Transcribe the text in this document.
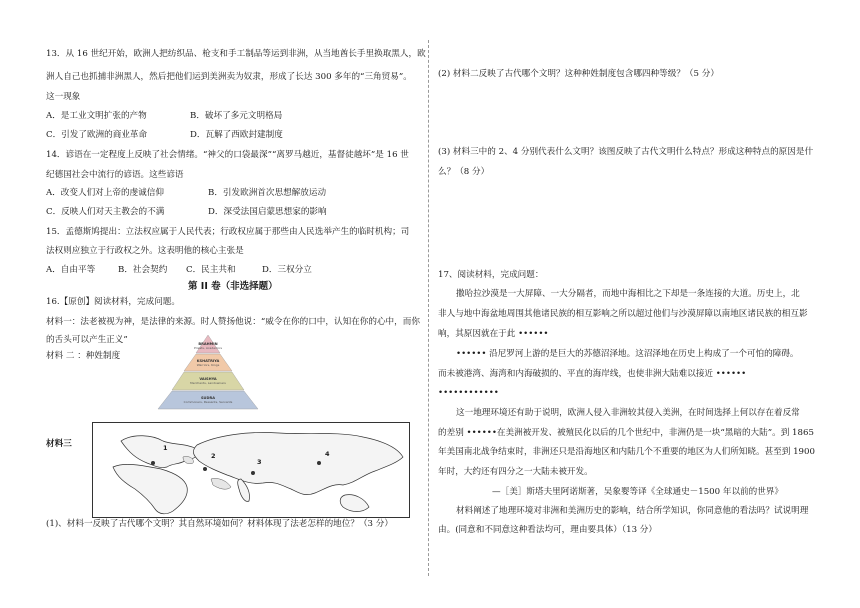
13．从 16 世纪开始，欧洲人把纺织品、枪支和手工制品等运到非洲，从当地酋长手里换取黑人，欧
洲人自己也抓捕非洲黑人，然后把他们运到美洲卖为奴隶，形成了长达 300 多年的“三角贸易”。
这一现象
A．是工业文明扩张的产物	B．破坏了多元文明格局
C．引发了欧洲的商业革命	D．瓦解了西欧封建制度
14．谚语在一定程度上反映了社会情绪。“神父的口袋最深”“离罗马越近，基督徒越坏”是 16 世
纪德国社会中流行的谚语。这些谚语
A．改变人们对上帝的虔诚信仰	B．引发欧洲首次思想解放运动
C．反映人们对天主教会的不满	D．深受法国启蒙思想家的影响
15．孟德斯鸠提出：立法权应属于人民代表；行政权应属于那些由人民选举产生的临时机构；司
法权则应独立于行政权之外。这表明他的核心主张是
A．自由平等	B．社会契约 C．民主共和	D．三权分立
第 II 卷（非选择题）
16.【原创】阅读材料，完成问题。
材料一：法老被视为神，是法律的来源。时人赞扬他说：“威令在你的口中，认知在你的心中，而你
的舌头可以产生正义”
材料 二 ：种姓制度
BRAHMIN
Priests, Academics
KSHATRIYA
Warriors, Kings
VAISHYA
Merchants, Landowners
SUDRA
Commoners, Peasants, Servants
材料三	1
2
3
4
(1)、材料一反映了古代哪个文明？其自然环境如何？材料体现了法老怎样的地位？（3 分）
(2) 材料二反映了古代哪个文明？这种种姓制度包含哪四种等级？（5 分）
(3) 材料三中的 2、4 分别代表什么文明？该图反映了古代文明什么特点？形成这种特点的原因是什
么？（8 分）
17、阅读材料，完成问题：
撒哈拉沙漠是一大屏障、一大分隔者，而地中海相比之下却是一条连接的大道。历史上，北
非人与地中海盆地周围其他诸民族的相互影响之所以超过他们与沙漠屏障以南地区诸民族的相互影
响，其原因就在于此 ••••••
•••••• 沿尼罗河上游的是巨大的苏德沼泽地。这沼泽地在历史上构成了一个可怕的障碍。
而未被港湾、海湾和内海破损的、平直的海岸线，也使非洲大陆难以接近 ••••••
••••••••••••
这一地理环境还有助于说明，欧洲人侵入非洲较其侵入美洲，在时间选择上何以存在着反常
的差别 ••••••在美洲被开发、被殖民化以后的几个世纪中，非洲仍是一块“黑暗的大陆”。到 1865
年美国南北战争结束时，非洲还只是沿海地区和内陆几个不重要的地区为人们所知晓。甚至到 1900
年时，大约还有四分之一大陆未被开发。
—［美］斯塔夫里阿诺斯著，吴象婴等译《全球通史－1500 年以前的世界》
材料阐述了地理环境对非洲和美洲历史的影响，结合所学知识，你同意他的看法吗？试说明理
由。(同意和不同意这种看法均可，理由要具体）（13 分）
